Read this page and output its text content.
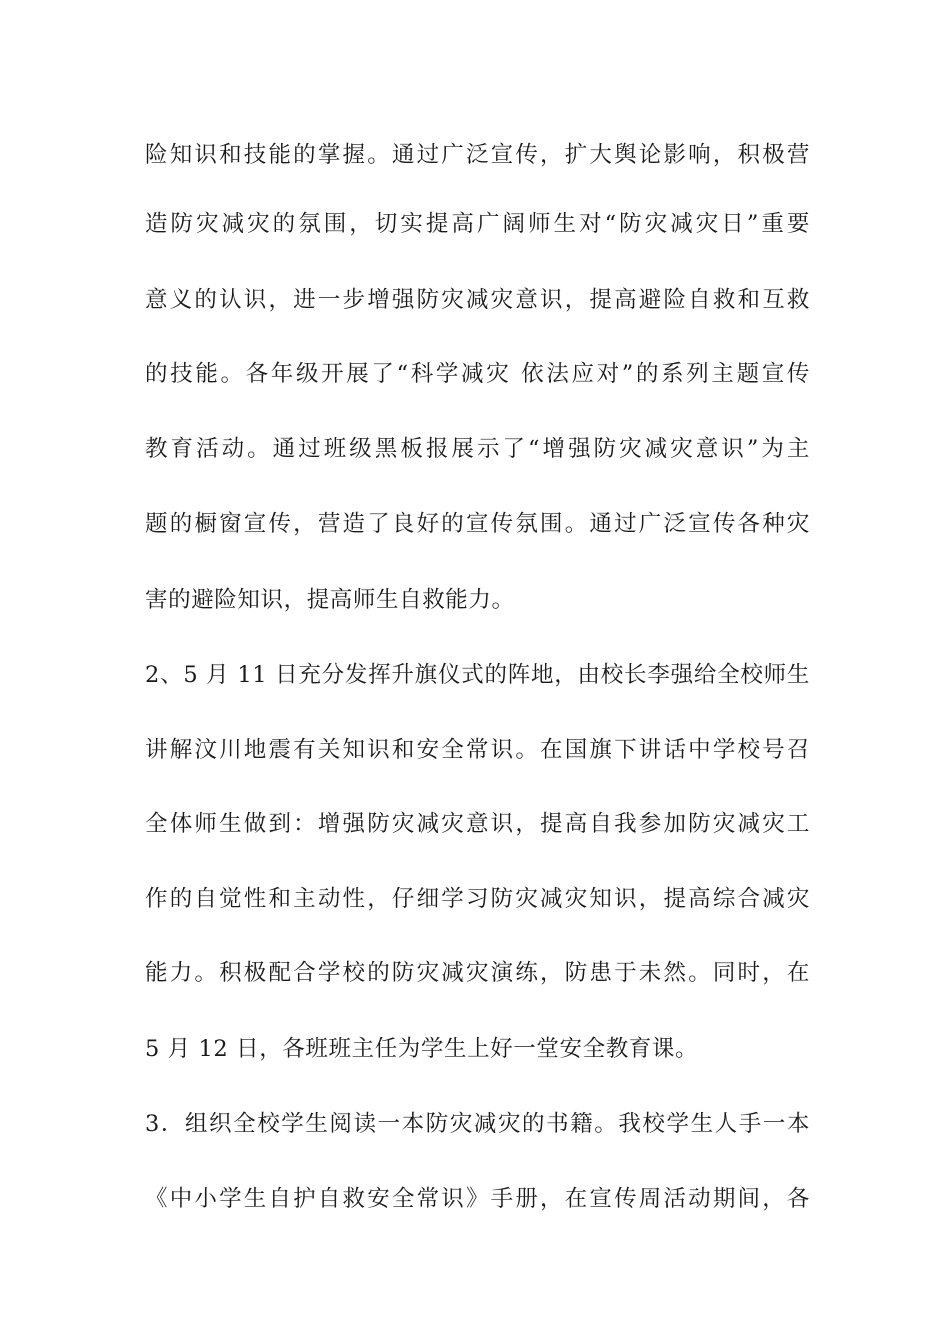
险知识和技能的掌握。通过广泛宣传，扩大舆论影响，积极营
造防灾减灾的氛围，切实提高广阔师生对“防灾减灾日”重要
意义的认识，进一步增强防灾减灾意识，提高避险自救和互救
的技能。各年级开展了“科学减灾 依法应对”的系列主题宣传
教育活动。通过班级黑板报展示了“增强防灾减灾意识”为主
题的橱窗宣传，营造了良好的宣传氛围。通过广泛宣传各种灾
害的避险知识，提高师生自救能力。
2、5 月 11 日充分发挥升旗仪式的阵地，由校长李强给全校师生
讲解汶川地震有关知识和安全常识。在国旗下讲话中学校号召
全体师生做到：增强防灾减灾意识，提高自我参加防灾减灾工
作的自觉性和主动性，仔细学习防灾减灾知识，提高综合减灾
能力。积极配合学校的防灾减灾演练，防患于未然。同时，在
5 月 12 日，各班班主任为学生上好一堂安全教育课。
3．组织全校学生阅读一本防灾减灾的书籍。我校学生人手一本
《中小学生自护自救安全常识》手册，在宣传周活动期间，各
